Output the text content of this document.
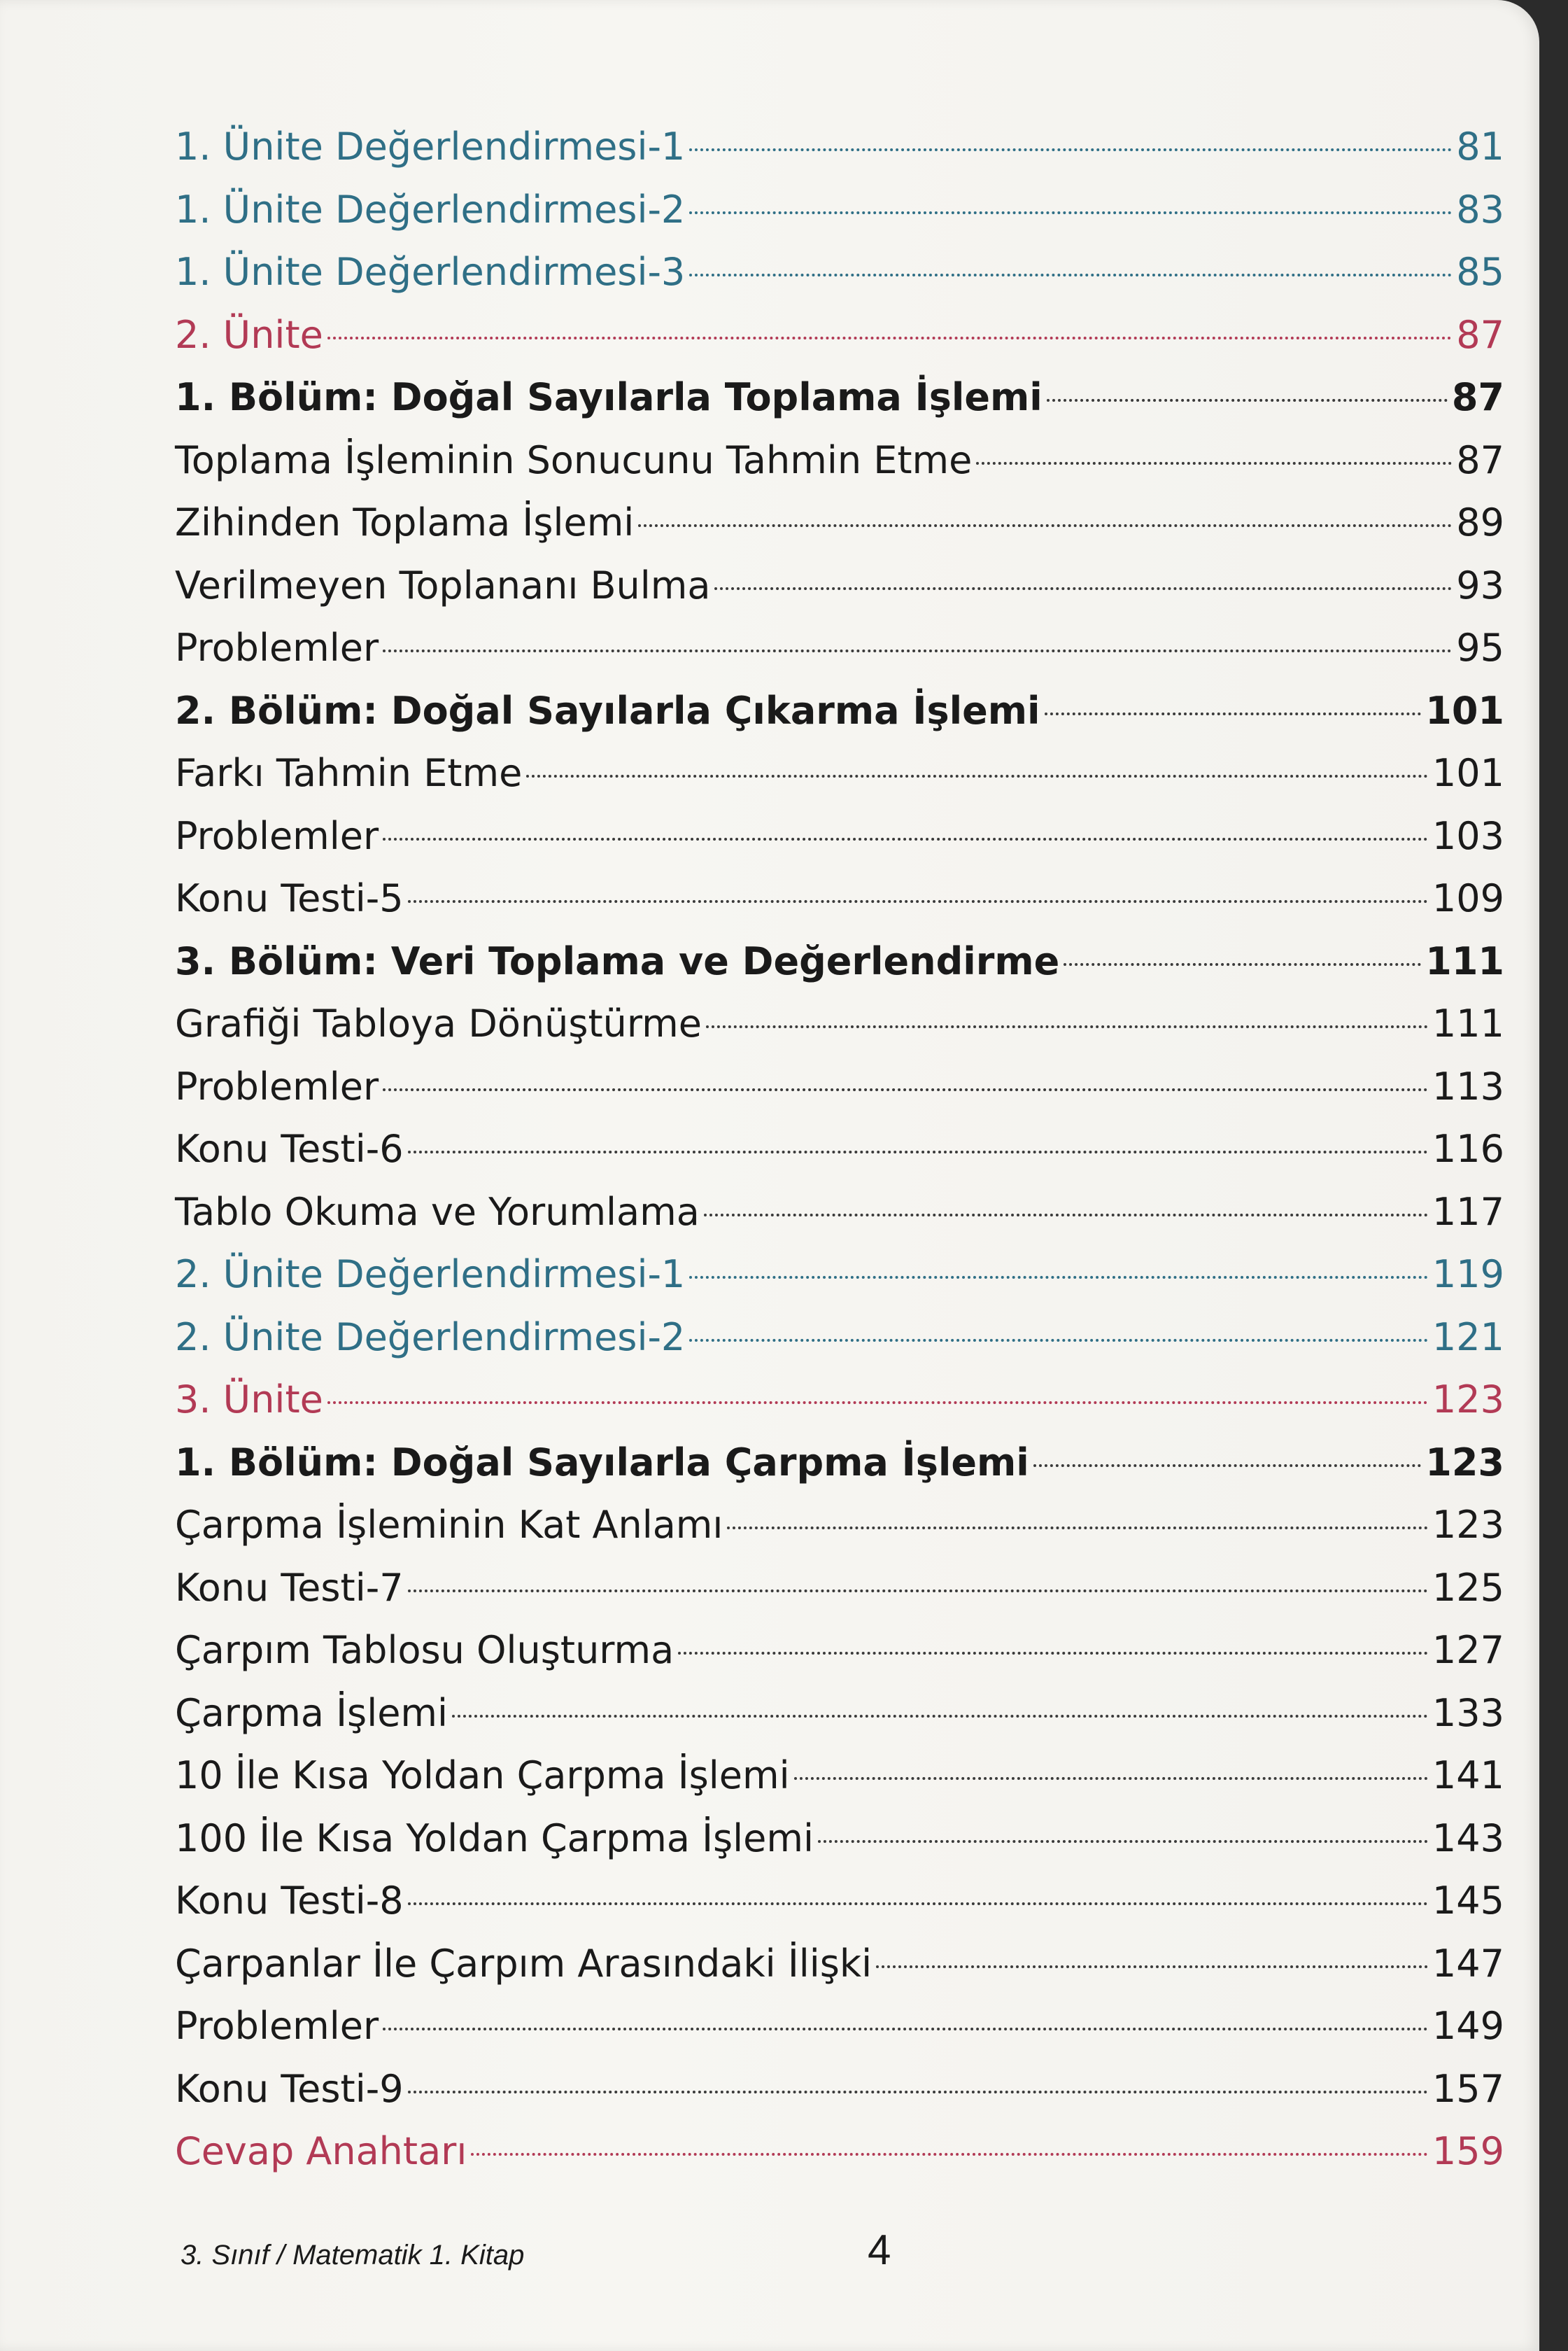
1. Ünite Değerlendirmesi-1	81
1. Ünite Değerlendirmesi-2	83
1. Ünite Değerlendirmesi-3	85
2. Ünite	87
1. Bölüm: Doğal Sayılarla Toplama İşlemi	87
Toplama İşleminin Sonucunu Tahmin Etme	87
Zihinden Toplama İşlemi	89
Verilmeyen Toplananı Bulma	93
Problemler	95
2. Bölüm: Doğal Sayılarla Çıkarma İşlemi	101
Farkı Tahmin Etme	101
Problemler	103
Konu Testi-5	109
3. Bölüm: Veri Toplama ve Değerlendirme	111
Grafiği Tabloya Dönüştürme	111
Problemler	113
Konu Testi-6	116
Tablo Okuma ve Yorumlama	117
2. Ünite Değerlendirmesi-1	119
2. Ünite Değerlendirmesi-2	121
3. Ünite	123
1. Bölüm: Doğal Sayılarla Çarpma İşlemi	123
Çarpma İşleminin Kat Anlamı	123
Konu Testi-7	125
Çarpım Tablosu Oluşturma	127
Çarpma İşlemi	133
10 İle Kısa Yoldan Çarpma İşlemi	141
100 İle Kısa Yoldan Çarpma İşlemi	143
Konu Testi-8	145
Çarpanlar İle Çarpım Arasındaki İlişki	147
Problemler	149
Konu Testi-9	157
Cevap Anahtarı	159
3. Sınıf / Matematik 1. Kitap	4
